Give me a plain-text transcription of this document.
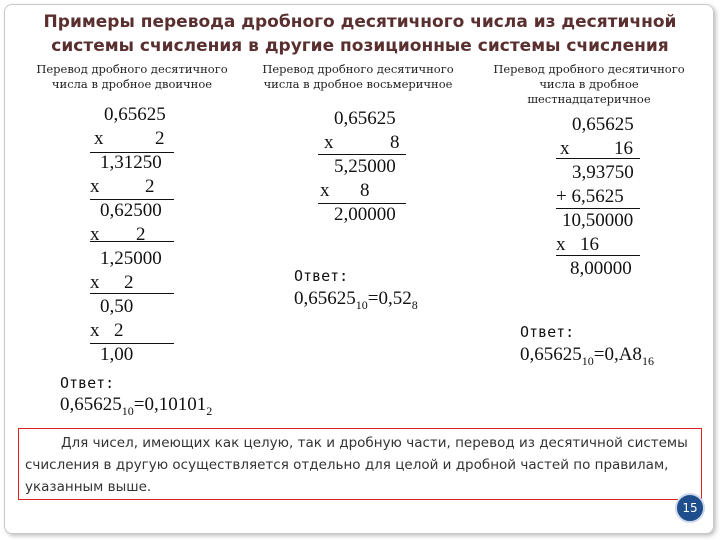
Примеры перевода дробного десятичного числа из десятичной системы счисления в другие позиционные системы счисления
Перевод дробного десятичного
числа в дробное двоичное
Перевод дробного десятичного
числа в дробное восьмеричное
Перевод дробного десятичного
числа в дробное
шестнадцатеричное
0,65625
х	2
1,31250
х 2
0,62500
х 2
1,25000
х 2
0,50
х 2
1,00
Ответ:
$0,65625_{10}=0,10101_2$
0,65625
х	8
5,25000
х 8
2,00000
Ответ:
$0,65625_{10}=0,52_8$
0,65625
х 16
3,93750
+ 6,5625
10,50000
х 16
8,00000
Ответ:
$0,65625_{10}=0,А8_{16}$
Для чисел, имеющих как целую, так и дробную части, перевод из десятичной системы счисления в другую осуществляется отдельно для целой и дробной частей по правилам, указанным выше.
15
